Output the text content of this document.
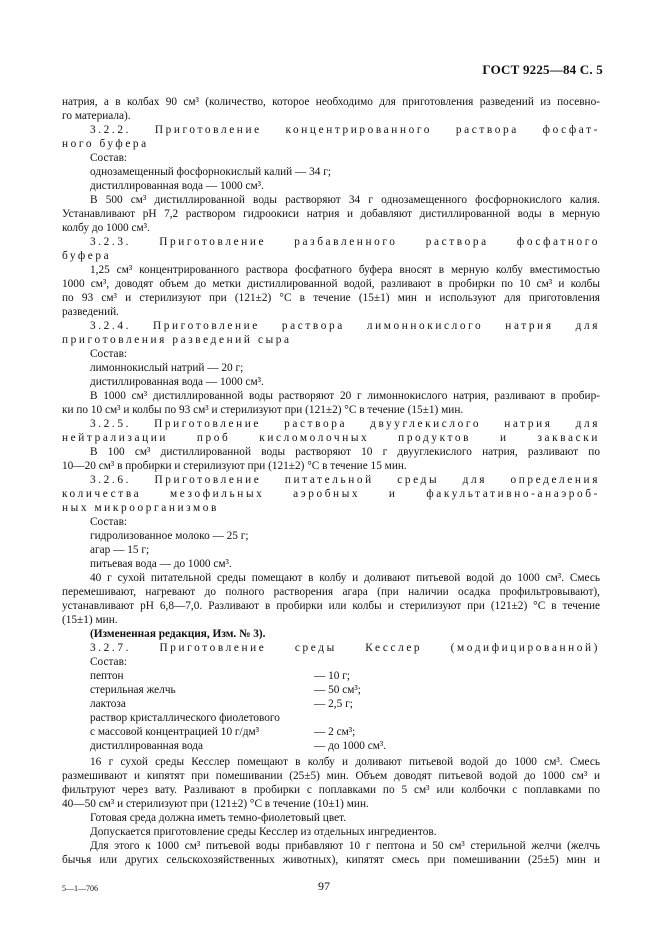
ГОСТ 9225—84 С. 5
натрия, а в колбах 90 см³ (количество, которое необходимо для приготовления разведений из посевно-
го материала).
3.2.2. Приготовление концентрированного раствора фосфат-
ного буфера
Состав:
однозамещенный фосфорнокислый калий — 34 г;
дистиллированная вода — 1000 см³.
В 500 см³ дистиллированной воды растворяют 34 г однозамещенного фосфорнокислого калия.
Устанавливают pH 7,2 раствором гидроокиси натрия и добавляют дистиллированной воды в мерную
колбу до 1000 см³.
3.2.3. Приготовление разбавленного раствора фосфатного
буфера
1,25 см³ концентрированного раствора фосфатного буфера вносят в мерную колбу вместимостью
1000 см³, доводят объем до метки дистиллированной водой, разливают в пробирки по 10 см³ и колбы
по 93 см³ и стерилизуют при (121±2) °С в течение (15±1) мин и используют для приготовления
разведений.
3.2.4. Приготовление раствора лимоннокислого натрия для
приготовления разведений сыра
Состав:
лимоннокислый натрий — 20 г;
дистиллированная вода — 1000 см³.
В 1000 см³ дистиллированной воды растворяют 20 г лимоннокислого натрия, разливают в пробир-
ки по 10 см³ и колбы по 93 см³ и стерилизуют при (121±2) °С в течение (15±1) мин.
3.2.5. Приготовление раствора двууглекислого натрия для
нейтрализации проб кисломолочных продуктов и закваски
В 100 см³ дистиллированной воды растворяют 10 г двууглекислого натрия, разливают по
10—20 см³ в пробирки и стерилизуют при (121±2) °С в течение 15 мин.
3.2.6. Приготовление питательной среды для определения
количества мезофильных аэробных и факультативно-анаэроб-
ных микроорганизмов
Состав:
гидролизованное молоко — 25 г;
агар — 15 г;
питьевая вода — до 1000 см³.
40 г сухой питательной среды помещают в колбу и доливают питьевой водой до 1000 см³. Смесь
перемешивают, нагревают до полного растворения агара (при наличии осадка профильтровывают),
устанавливают pH 6,8—7,0. Разливают в пробирки или колбы и стерилизуют при (121±2) °С в течение
(15±1) мин.
(Измененная редакция, Изм. № 3).
3.2.7. Приготовление среды Кесслер (модифицированной)
Состав:
пептон	— 10 г;
стерильная желчь	— 50 см³;
лактоза	— 2,5 г;
раствор кристаллического фиолетового
с массовой концентрацией 10 г/дм³	— 2 см³;
дистиллированная вода	— до 1000 см³.
16 г сухой среды Кесслер помещают в колбу и доливают питьевой водой до 1000 см³. Смесь
размешивают и кипятят при помешивании (25±5) мин. Объем доводят питьевой водой до 1000 см³ и
фильтруют через вату. Разливают в пробирки с поплавками по 5 см³ или колбочки с поплавками по
40—50 см³ и стерилизуют при (121±2) °С в течение (10±1) мин.
Готовая среда должна иметь темно-фиолетовый цвет.
Допускается приготовление среды Кесслер из отдельных ингредиентов.
Для этого к 1000 см³ питьевой воды прибавляют 10 г пептона и 50 см³ стерильной желчи (желчь
бычья или других сельскохозяйственных животных), кипятят смесь при помешивании (25±5) мин и
5—1—706	97
